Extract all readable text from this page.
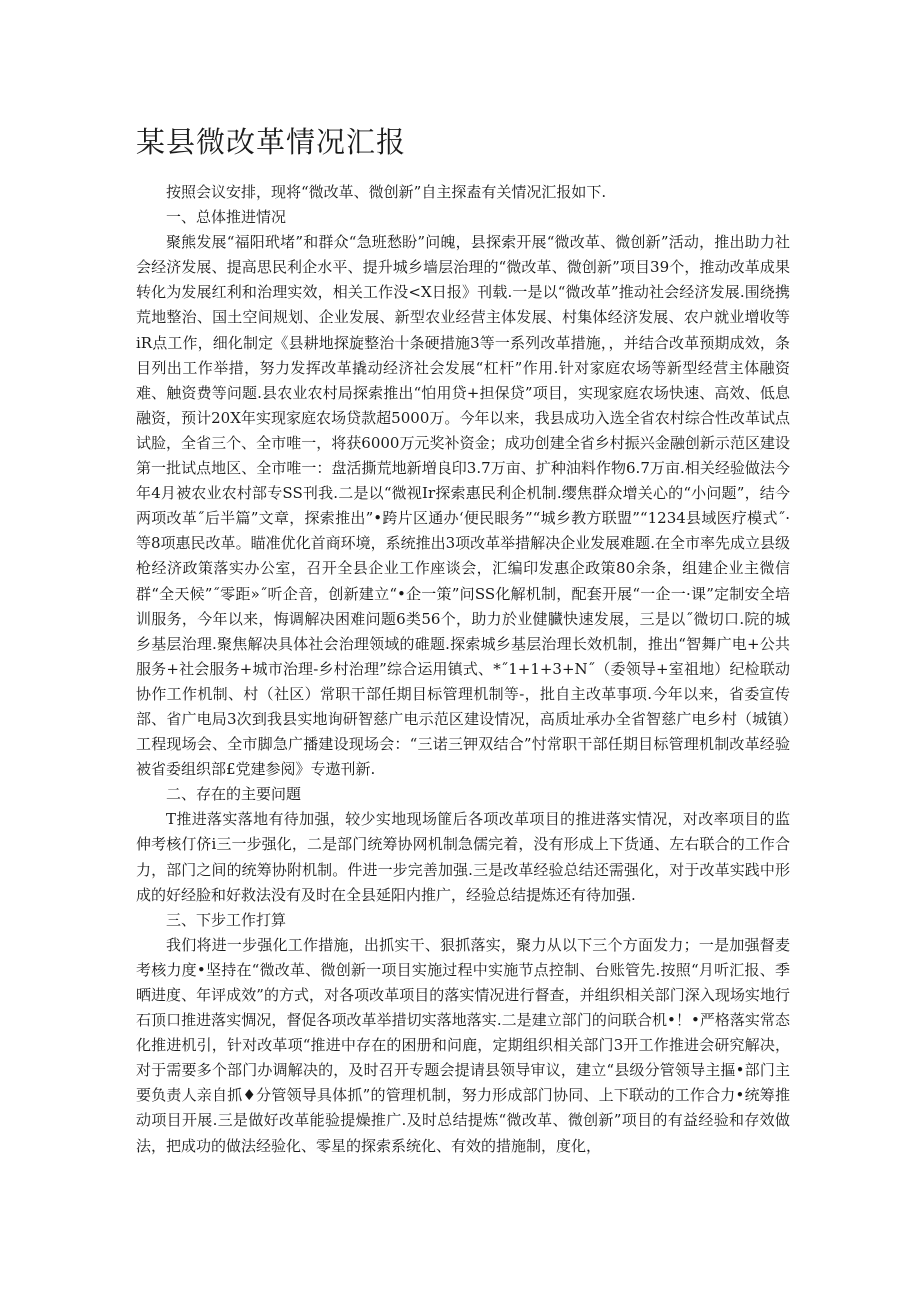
某县微改革情况汇报

按照会议安排，现将“微改革、微创新”自主探盍有关情况汇报如下.

一、总体推进情况

聚熊发展“福阳玳堵”和群众“急班愁盼”问魄，县探索开展“微改革、微创新”活动，推出助力社会经济发展、提高思民利企水平、提升城乡墙层治理的“微改革、微创新”项目39个，推动改革成果转化为发展红利和治理实效，相关工作没<X日报》刊载.一是以“微改革”推动社会经济发展.围绕携荒地整治、国土空间规划、企业发展、新型农业经营主体发展、村集体经济发展、农户就业增收等iR点工作，细化制定《县耕地探旋整治十条硬措施3等一系列改革措施，，并结合改革预期成效，条目列出工作举措，努力发挥改革撬动经济社会发展“杠杆”作用.针对家庭农场等新型经营主体融资难、触资费等问题.县农业农村局探索推出“怕用贷+担保贷”项目，实现家庭农场快速、高效、低息融资，预计20X年实现家庭农场贷款超5000万。今年以来，我县成功入选全省农村综合性改革试点试脸，全省三个、全市唯一，将获6000万元奖补资金；成功创建全省乡村振兴金融创新示范区建设第一批试点地区、全市唯一：盘活撕荒地新増良印3.7万亩、扩种油料作物6.7万亩.相关经验做法今年4月被农业农村部专SS刊我.二是以“微视Ir探索惠民利企机制.缨焦群众增关心的“小问题”，结今两项改革˝后半篇”文章，探索推出”•跨片区通办‘便民眼务”“城乡教方联盟”“1234县域医疗模式˝·等8项惠民改革。瞄准优化首商环境，系统推出3项改革举措解决企业发展难题.在全市率先成立县级枪经济政策落实办公室，召开全县企业工作座谈会，汇编印发惠企政策80余条，组建企业主微信群“全天候”˝零距»˝听企音，创新建立“•企一策”问SS化解机制，配套开展“一企一·课”定制安全培训服务，今年以来，悔调解决困难问题6类56个，助力於业健臓快速发展，三是以˝微切口.院的城乡基层治理.聚焦解决具体社会治理领域的碓题.探索城乡基层治理长效机制，推出“智舞广电+公共服务+社会服务+城市治理-乡村治理”综合运用镇式、*˝1+1+3+N˝（委领导+室祖地）纪检联动协作工作机制、村（社区）常职干部任期目标管理机制等-，批自主改革事项.今年以来，省委宣传部、省广电局3次到我县实地询研智慈广电示范区建设情况，高质址承办全省智慈广电乡村（城镇）工程现场会、全市脚急广播建设现场会：“三诺三钾双结合”忖常职干部任期目标管理机制改革经验被省委组织部£党建参阅》专遨刊新.

二、存在的主要问題

T推进落实落地有待加强，较少实地现场篚后各项改革项目的推进落实情况，对改率项目的监伸考核仃侪i三一步强化，二是部门统筹协网机制急儒完着，没有形成上下货通、左右联合的工作合力，部门之间的统筹协附机制。件进一步完善加强.三是改革经验总结还需强化，对于改革实践中形成的好经脸和好救法没有及时在全县延阳内推广，经验总结提炼还有待加强.

三、下步工作打算

我们将进一步强化工作措施，出抓实干、狠抓落实，聚力从以下三个方面发力；一是加强督麦考核力度•坚持在“微改革、微创新一项目实施过程中实施节点控制、台账管先.按照“月听汇报、季晒进度、年评成效”的方式，对各项改革项目的落实情况进行督查，并组织相关部门深入现场实地行石顶口推进落实惆况，督促各项改革举措切实落地落实.二是建立部门的问联合机•！•严格落实常态化推进机引，针对改革项“推进中存在的困册和问鹿，定期组织相关部门3开工作推进会研究解决，对于需要多个部门办调解决的，及时召开专题会提请县领导审议，建立“县级分管领导主摳•部门主要负责人亲自抓♦分管领导具体抓”的管理机制，努力形成部门协同、上下联动的工作合力•统筹推动项目开展.三是做好改革能验提燥推广.及时总结提炼“微改革、微创新”项目的有益经验和存效做法，把成功的做法经验化、零星的探索系统化、有效的措施制，度化，
